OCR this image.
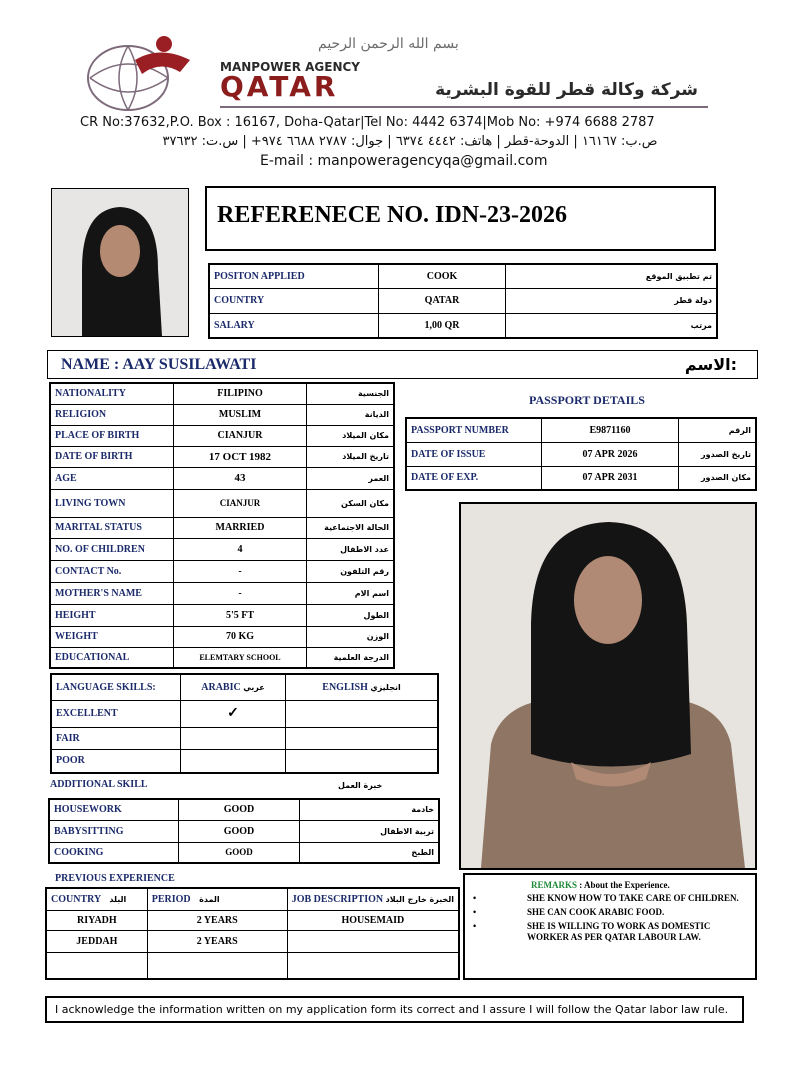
بسم الله الرحمن الرحيم
MANPOWER AGENCY
QATAR	شركة وكالة قطر للقوة البشرية
CR No:37632,P.O. Box : 16167, Doha-Qatar|Tel No: 4442 6374|Mob No: +974 6688 2787
ص.ب: ١٦١٦٧ | الدوحة-قطر | هاتف: ٤٤٤٢ ٦٣٧٤ | جوال: ٢٧٨٧ ٦٦٨٨ ٩٧٤+ | س.ت: ٣٧٦٣٢
E-mail : manpoweragencyqa@gmail.com
REFERENECE NO. IDN-23-2026
POSITON APPLIED	COOK	تم تطبيق الموقع
COUNTRY	QATAR	دولة قطر
SALARY	1,00 QR	مرتب
NAME : AAY SUSILAWATI	الاسم:
NATIONALITY	FILIPINO	الجنسية
RELIGION	MUSLIM	الديانة
PLACE OF BIRTH	CIANJUR	مكان الميلاد
DATE OF BIRTH	17 OCT 1982	تاريخ الميلاد
AGE	43	العمر
LIVING TOWN	CIANJUR	مكان السكن
MARITAL STATUS	MARRIED	الحالة الاجتماعية
NO. OF CHILDREN	4	عدد الاطفال
CONTACT No.	-	رقم التلفون
MOTHER'S NAME	-	اسم الام
HEIGHT	5'5 FT	الطول
WEIGHT	70 KG	الوزن
EDUCATIONAL	ELEMTARY SCHOOL	الدرجة العلمية
PASSPORT DETAILS
PASSPORT NUMBER	E9871160	الرقم
DATE OF ISSUE	07 APR 2026	تاريخ الصدور
DATE OF EXP.	07 APR 2031	مكان الصدور
LANGUAGE SKILLS:	ARABIC عربي	ENGLISH انجليزي
EXCELLENT	✓	
FAIR		
POOR		
ADDITIONAL SKILL	خبرة العمل
HOUSEWORK	GOOD	خادمة
BABYSITTING	GOOD	تربية الاطفال
COOKING	GOOD	الطبخ
PREVIOUS EXPERIENCE
COUNTRY البلد	PERIOD المدة	JOB DESCRIPTION الخبرة خارج البلاد
RIYADH	2 YEARS	HOUSEMAID
JEDDAH	2 YEARS	

REMARKS : About the Experience.
• SHE KNOW HOW TO TAKE CARE OF CHILDREN.
• SHE CAN COOK ARABIC FOOD.
• SHE IS WILLING TO WORK AS DOMESTIC WORKER AS PER QATAR LABOUR LAW.
I acknowledge the information written on my application form its correct and I assure I will follow the Qatar labor law rule.
